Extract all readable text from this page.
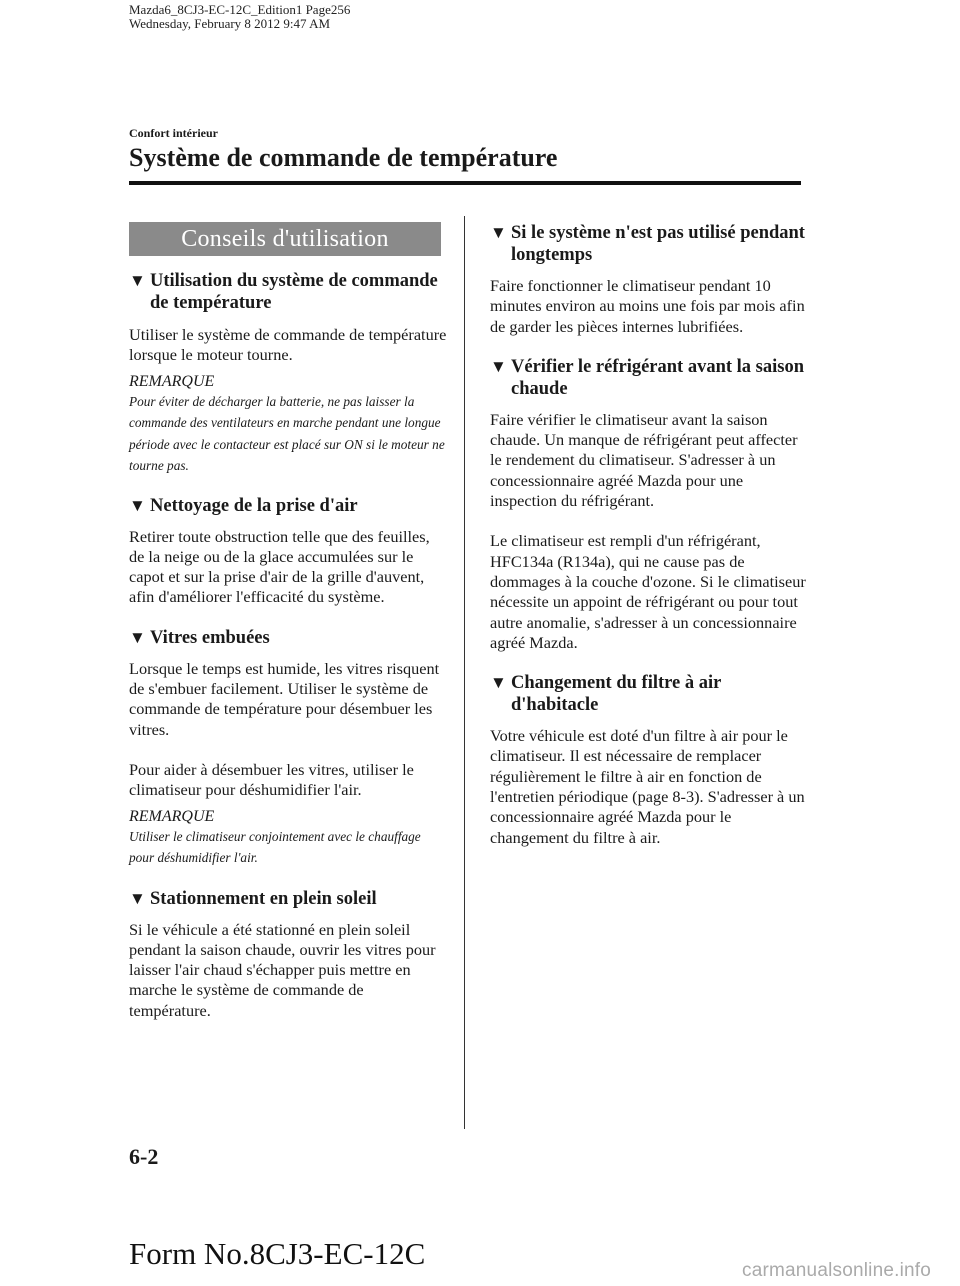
Mazda6_8CJ3-EC-12C_Edition1 Page256
Wednesday, February 8 2012 9:47 AM
Confort intérieur
Système de commande de température
Conseils d'utilisation
▼ Utilisation du système de commande de température

Utiliser le système de commande de température lorsque le moteur tourne.

REMARQUE

Pour éviter de décharger la batterie, ne pas laisser la commande des ventilateurs en marche pendant une longue période avec le contacteur est placé sur ON si le moteur ne tourne pas.

▼ Nettoyage de la prise d'air

Retirer toute obstruction telle que des feuilles, de la neige ou de la glace accumulées sur le capot et sur la prise d'air de la grille d'auvent, afin d'améliorer l'efficacité du système.

▼ Vitres embuées

Lorsque le temps est humide, les vitres risquent de s'embuer facilement. Utiliser le système de commande de température pour désembuer les vitres.

Pour aider à désembuer les vitres, utiliser le climatiseur pour déshumidifier l'air.

REMARQUE

Utiliser le climatiseur conjointement avec le chauffage pour déshumidifier l'air.

▼ Stationnement en plein soleil

Si le véhicule a été stationné en plein soleil pendant la saison chaude, ouvrir les vitres pour laisser l'air chaud s'échapper puis mettre en marche le système de commande de température.

▼ Si le système n'est pas utilisé pendant longtemps

Faire fonctionner le climatiseur pendant 10 minutes environ au moins une fois par mois afin de garder les pièces internes lubrifiées.

▼ Vérifier le réfrigérant avant la saison chaude

Faire vérifier le climatiseur avant la saison chaude. Un manque de réfrigérant peut affecter le rendement du climatiseur. S'adresser à un concessionnaire agréé Mazda pour une inspection du réfrigérant.

Le climatiseur est rempli d'un réfrigérant, HFC134a (R134a), qui ne cause pas de dommages à la couche d'ozone. Si le climatiseur nécessite un appoint de réfrigérant ou pour tout autre anomalie, s'adresser à un concessionnaire agréé Mazda.

▼ Changement du filtre à air d'habitacle

Votre véhicule est doté d'un filtre à air pour le climatiseur. Il est nécessaire de remplacer régulièrement le filtre à air en fonction de l'entretien périodique (page 8-3). S'adresser à un concessionnaire agréé Mazda pour le changement du filtre à air.

6-2
Form No.8CJ3-EC-12C	carmanualsonline.info
